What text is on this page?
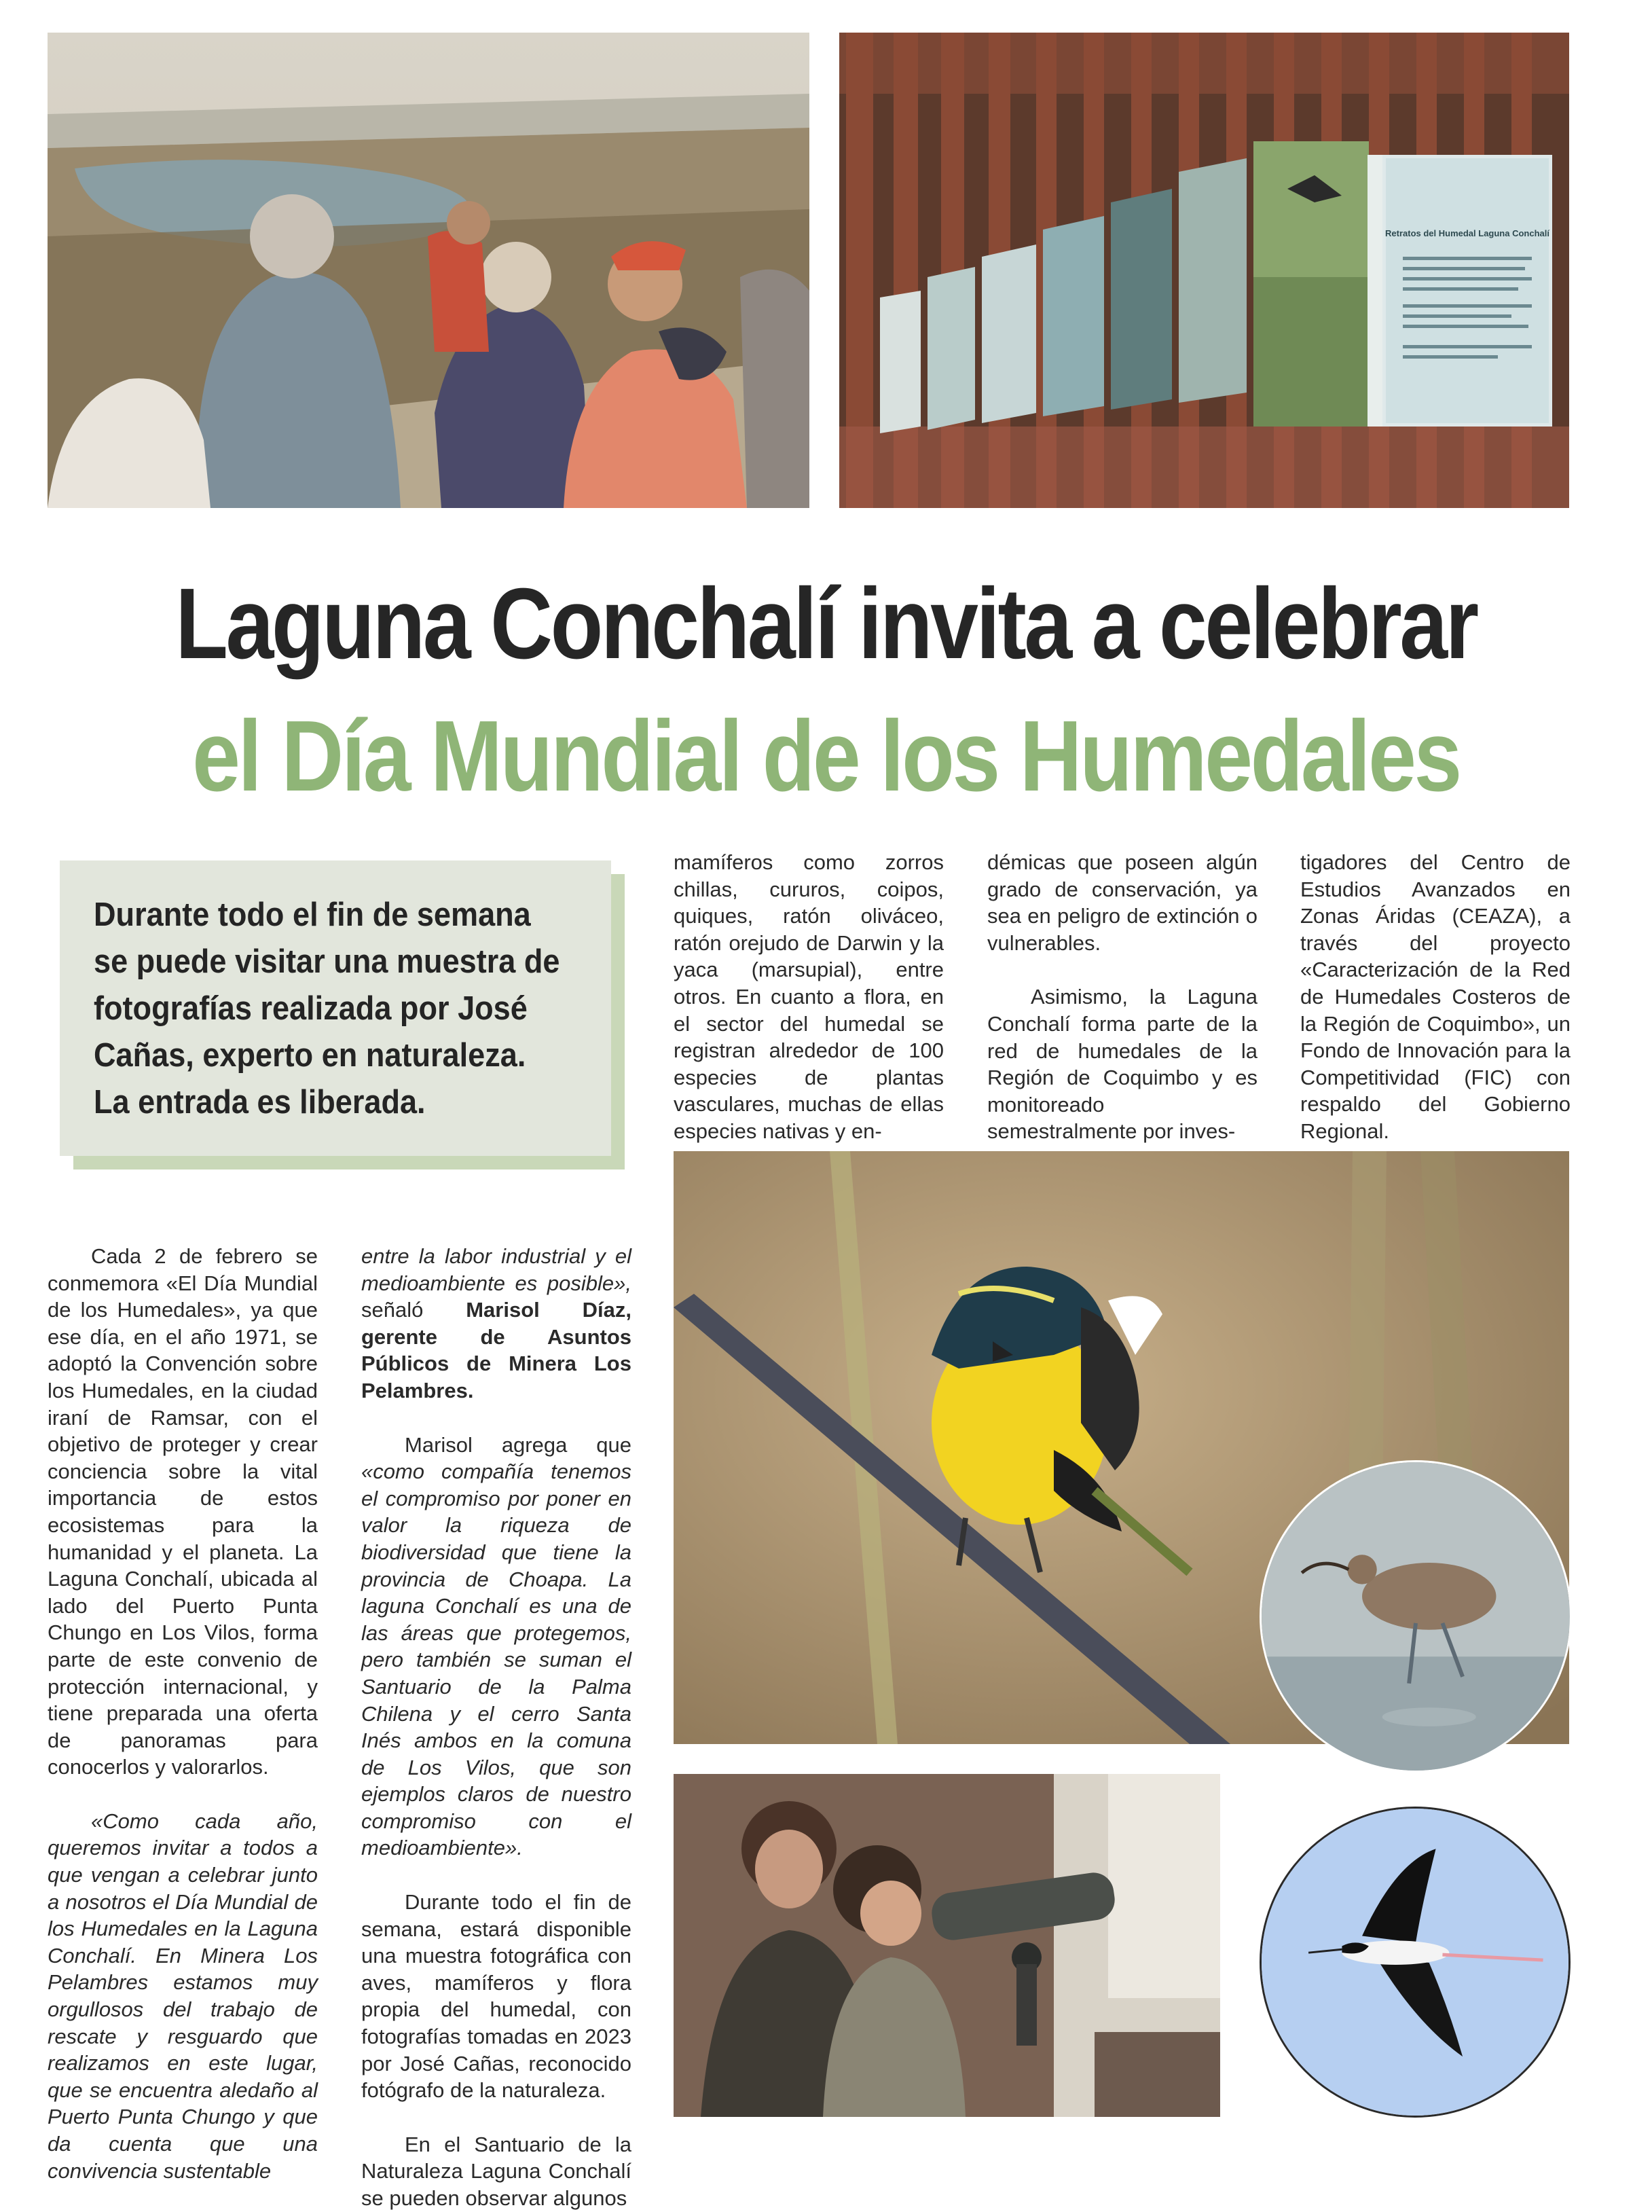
Retratos del Humedal Laguna Conchalí
Laguna Conchalí invita a celebrar
el Día Mundial de los Humedales

Durante todo el fin de semana se puede visitar una muestra de fotografías realizada por José Cañas, experto en naturaleza. La entrada es liberada.

mamíferos como zorros chillas, cururos, coipos, quiques, ratón oliváceo, ratón orejudo de Darwin y la yaca (marsupial), entre otros. En cuanto a flora, en el sector del humedal se registran alrededor de 100 especies de plantas vasculares, muchas de ellas especies nativas y en-

démicas que poseen algún grado de conservación, ya sea en peligro de extinción o vulnerables.

Asimismo, la Laguna Conchalí forma parte de la red de humedales de la Región de Coquimbo y es monitoreado semestralmente por inves-

tigadores del Centro de Estudios Avanzados en Zonas Áridas (CEAZA), a través del proyecto «Caracterización de la Red de Humedales Costeros de la Región de Coquimbo», un Fondo de Innovación para la Competitividad (FIC) con respaldo del Gobierno Regional.

Cada 2 de febrero se conmemora «El Día Mundial de los Humedales», ya que ese día, en el año 1971, se adoptó la Convención sobre los Humedales, en la ciudad iraní de Ramsar, con el objetivo de proteger y crear conciencia sobre la vital importancia de estos ecosistemas para la humanidad y el planeta. La Laguna Conchalí, ubicada al lado del Puerto Punta Chungo en Los Vilos, forma parte de este convenio de protección internacional, y tiene preparada una oferta de panoramas para conocerlos y valorarlos.

«Como cada año, queremos invitar a todos a que vengan a celebrar junto a nosotros el Día Mundial de los Humedales en la Laguna Conchalí. En Minera Los Pelambres estamos muy orgullosos del trabajo de rescate y resguardo que realizamos en este lugar, que se encuentra aledaño al Puerto Punta Chungo y que da cuenta que una convivencia sustentable

entre la labor industrial y el medioambiente es posible», señaló Marisol Díaz, gerente de Asuntos Públicos de Minera Los Pelambres.

Marisol agrega que «como compañía tenemos el compromiso por poner en valor la riqueza de biodiversidad que tiene la provincia de Choapa. La laguna Conchalí es una de las áreas que protegemos, pero también se suman el Santuario de la Palma Chilena y el cerro Santa Inés ambos en la comuna de Los Vilos, que son ejemplos claros de nuestro compromiso con el medioambiente».

Durante todo el fin de semana, estará disponible una muestra fotográfica con aves, mamíferos y flora propia del humedal, con fotografías tomadas en 2023 por José Cañas, reconocido fotógrafo de la naturaleza.

En el Santuario de la Naturaleza Laguna Conchalí se pueden observar algunos
